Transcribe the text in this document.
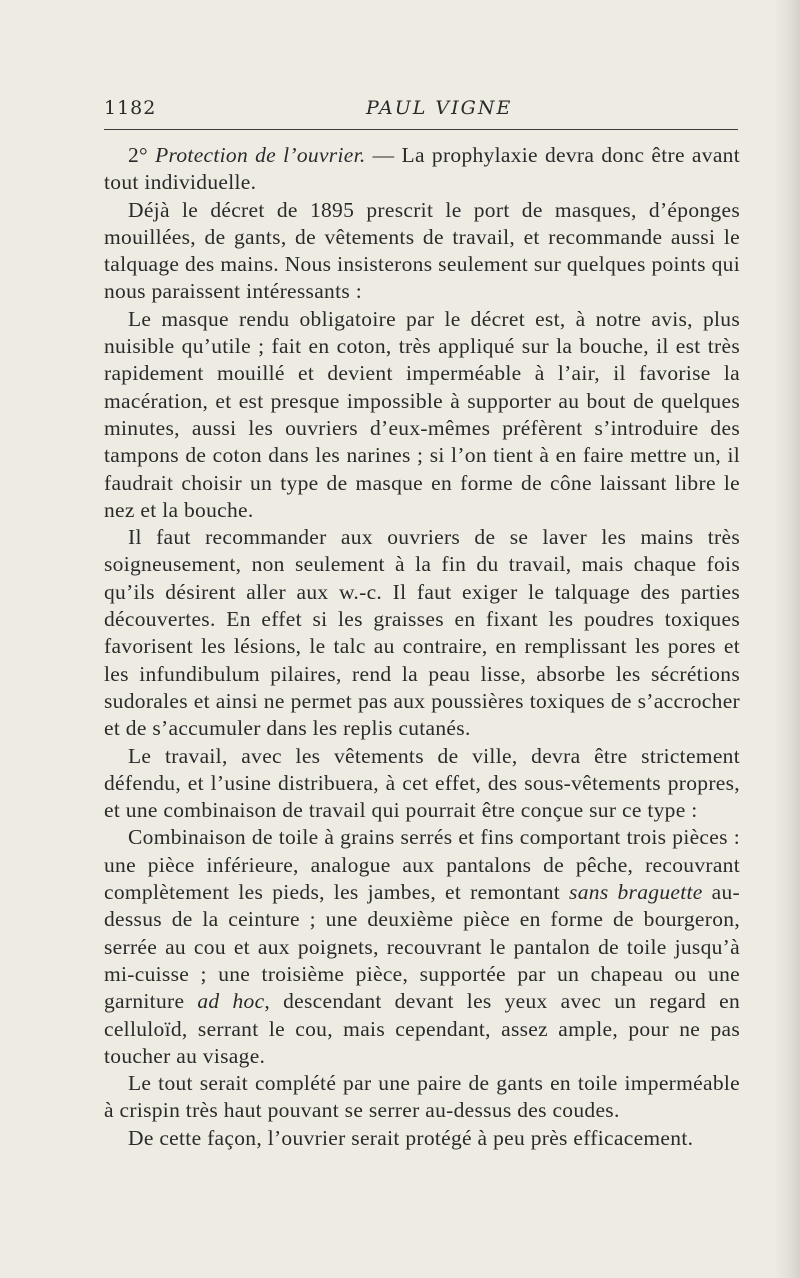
1182	PAUL VIGNE

2° Protection de l’ouvrier. — La prophylaxie devra donc être avant tout individuelle.

Déjà le décret de 1895 prescrit le port de masques, d’éponges mouillées, de gants, de vêtements de travail, et recommande aussi le talquage des mains. Nous insisterons seulement sur quelques points qui nous paraissent intéressants :

Le masque rendu obligatoire par le décret est, à notre avis, plus nuisible qu’utile ; fait en coton, très appliqué sur la bouche, il est très rapidement mouillé et devient imperméable à l’air, il favorise la macération, et est presque impossible à supporter au bout de quelques minutes, aussi les ouvriers d’eux-mêmes préfèrent s’introduire des tampons de coton dans les narines ; si l’on tient à en faire mettre un, il faudrait choisir un type de masque en forme de cône laissant libre le nez et la bouche.

Il faut recommander aux ouvriers de se laver les mains très soigneusement, non seulement à la fin du travail, mais chaque fois qu’ils désirent aller aux w.-c. Il faut exiger le talquage des parties découvertes. En effet si les graisses en fixant les poudres toxiques favorisent les lésions, le talc au contraire, en remplissant les pores et les infundibulum pilaires, rend la peau lisse, absorbe les sécrétions sudorales et ainsi ne permet pas aux poussières toxiques de s’accrocher et de s’accumuler dans les replis cutanés.

Le travail, avec les vêtements de ville, devra être strictement défendu, et l’usine distribuera, à cet effet, des sous-vêtements propres, et une combinaison de travail qui pourrait être conçue sur ce type :

Combinaison de toile à grains serrés et fins comportant trois pièces : une pièce inférieure, analogue aux pantalons de pêche, recouvrant complètement les pieds, les jambes, et remontant sans braguette au-dessus de la ceinture ; une deuxième pièce en forme de bourgeron, serrée au cou et aux poignets, recouvrant le pantalon de toile jusqu’à mi-cuisse ; une troisième pièce, supportée par un chapeau ou une garniture ad hoc, descendant devant les yeux avec un regard en celluloïd, serrant le cou, mais cependant, assez ample, pour ne pas toucher au visage.

Le tout serait complété par une paire de gants en toile imperméable à crispin très haut pouvant se serrer au-dessus des coudes.

De cette façon, l’ouvrier serait protégé à peu près efficacement.
